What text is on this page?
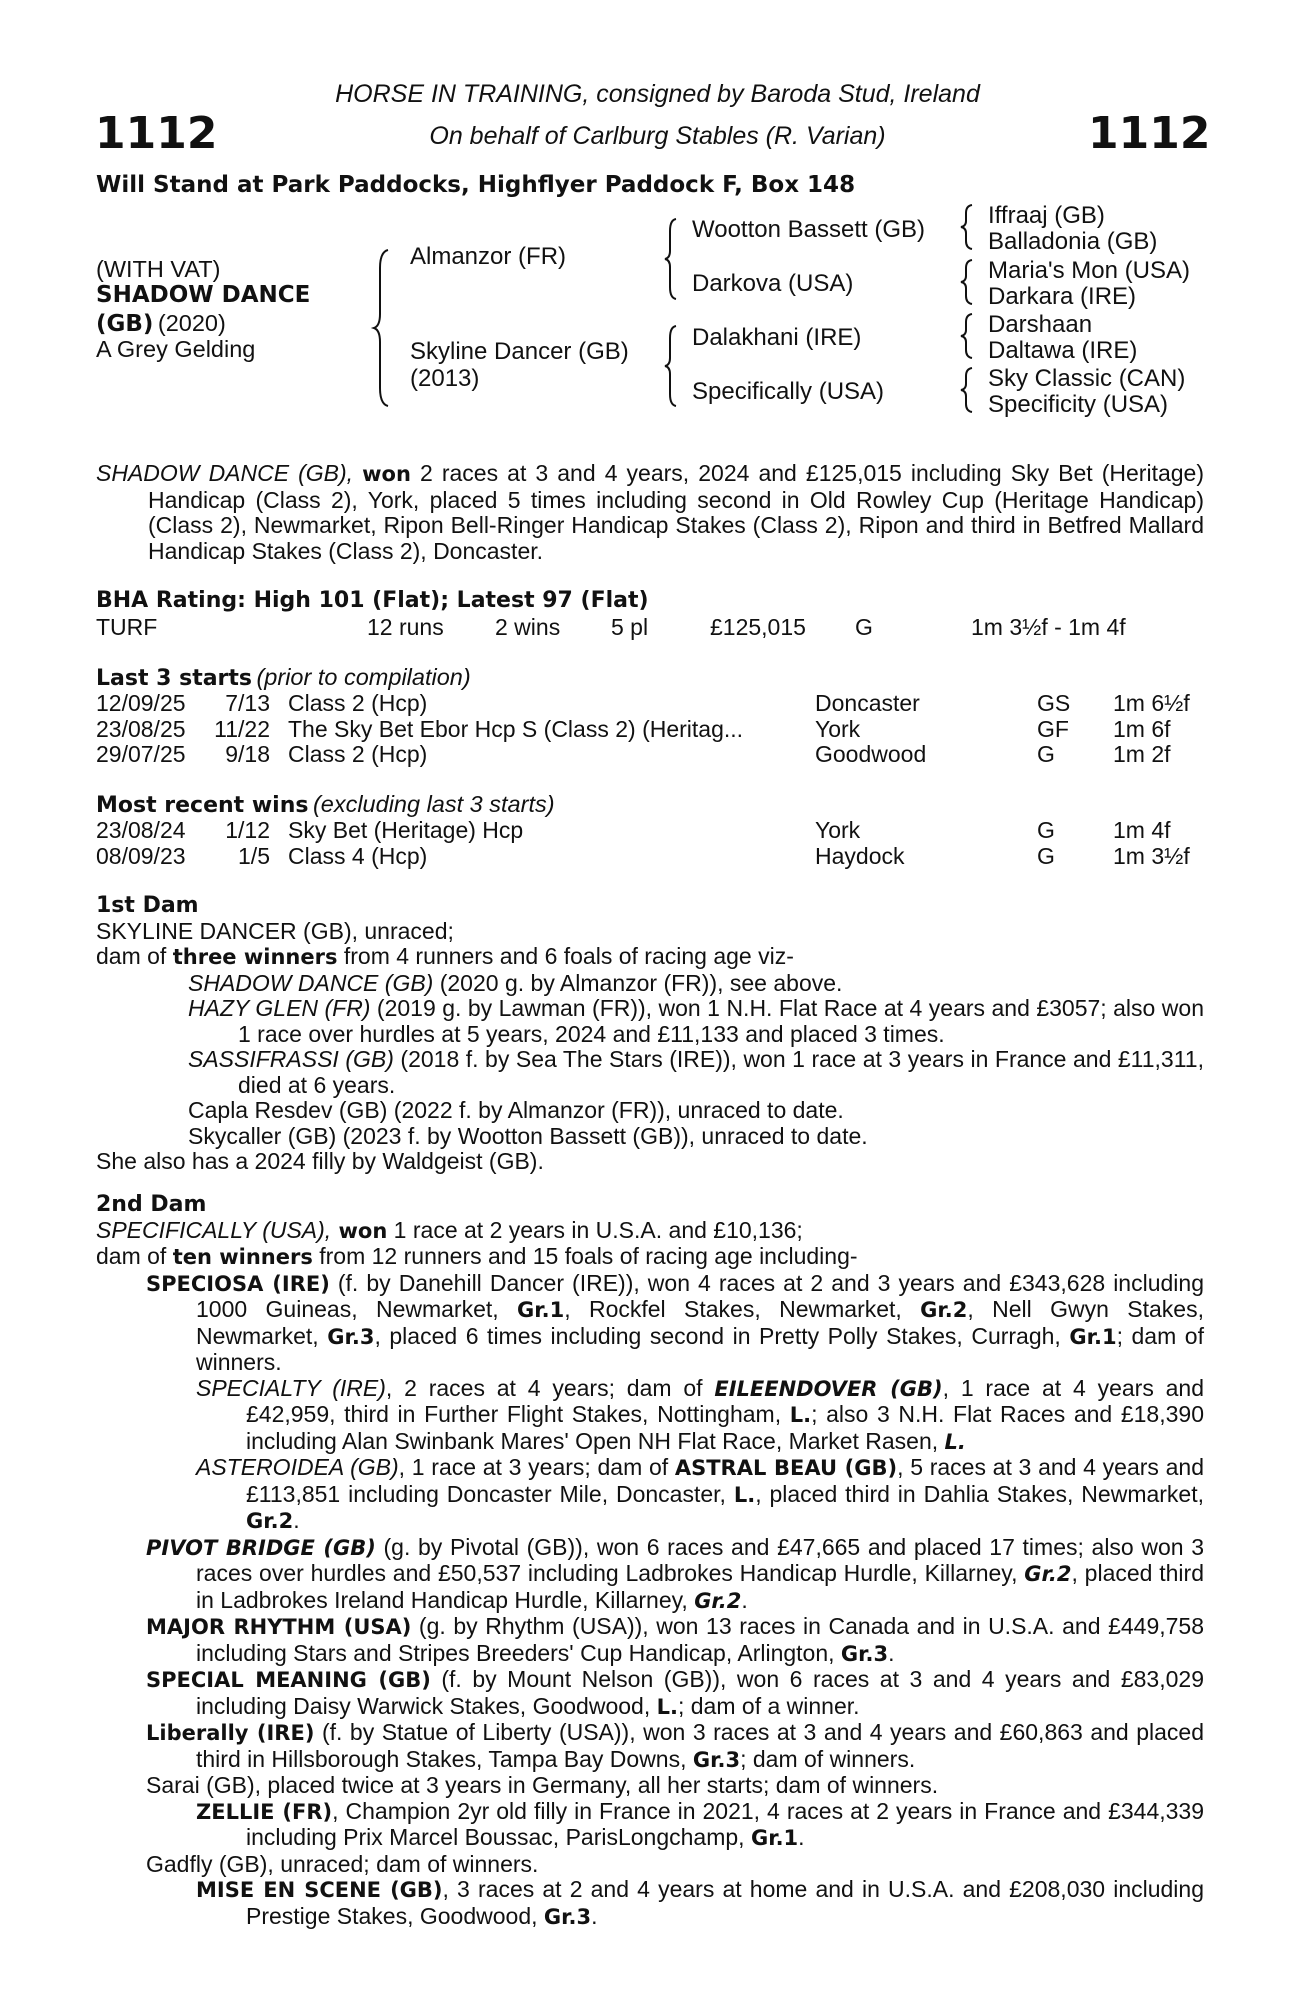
1112	1112
HORSE IN TRAINING, consigned by Baroda Stud, Ireland
On behalf of Carlburg Stables (R. Varian)
Will Stand at Park Paddocks, Highflyer Paddock F, Box 148
(WITH VAT)
SHADOW DANCE
(GB) (2020)
A Grey Gelding
Almanzor (FR)
Skyline Dancer (GB)
(2013)
Wootton Bassett (GB)
Darkova (USA)
Dalakhani (IRE)
Specifically (USA)
Iffraaj (GB)
Balladonia (GB)
Maria's Mon (USA)
Darkara (IRE)
Darshaan
Daltawa (IRE)
Sky Classic (CAN)
Specificity (USA)

SHADOW DANCE (GB), won 2 races at 3 and 4 years, 2024 and £125,015 including Sky Bet (Heritage) Handicap (Class 2), York, placed 5 times including second in Old Rowley Cup (Heritage Handicap) (Class 2), Newmarket, Ripon Bell-Ringer Handicap Stakes (Class 2), Ripon and third in Betfred Mallard Handicap Stakes (Class 2), Doncaster.

BHA Rating: High 101 (Flat); Latest 97 (Flat)
TURF	12 runs 2 wins 5 pl	£125,015 G	1m 3½f - 1m 4f
Last 3 starts (prior to compilation)
12/09/25	7/13 Class 2 (Hcp)	Doncaster	GS 1m 6½f
23/08/25	11/22 The Sky Bet Ebor Hcp S (Class 2) (Heritag...	York	GF 1m 6f
29/07/25	9/18 Class 2 (Hcp)	Goodwood	G	1m 2f
Most recent wins (excluding last 3 starts)
23/08/24	1/12 Sky Bet (Heritage) Hcp	York	G	1m 4f
08/09/23	1/5 Class 4 (Hcp)	Haydock	G	1m 3½f
1st Dam

SKYLINE DANCER (GB), unraced;

dam of three winners from 4 runners and 6 foals of racing age viz-

SHADOW DANCE (GB) (2020 g. by Almanzor (FR)), see above.

HAZY GLEN (FR) (2019 g. by Lawman (FR)), won 1 N.H. Flat Race at 4 years and £3057; also won 1 race over hurdles at 5 years, 2024 and £11,133 and placed 3 times.

SASSIFRASSI (GB) (2018 f. by Sea The Stars (IRE)), won 1 race at 3 years in France and £11,311, died at 6 years.

Capla Resdev (GB) (2022 f. by Almanzor (FR)), unraced to date.

Skycaller (GB) (2023 f. by Wootton Bassett (GB)), unraced to date.

She also has a 2024 filly by Waldgeist (GB).

2nd Dam

SPECIFICALLY (USA), won 1 race at 2 years in U.S.A. and £10,136;

dam of ten winners from 12 runners and 15 foals of racing age including-

SPECIOSA (IRE) (f. by Danehill Dancer (IRE)), won 4 races at 2 and 3 years and £343,628 including 1000 Guineas, Newmarket, Gr.1, Rockfel Stakes, Newmarket, Gr.2, Nell Gwyn Stakes, Newmarket, Gr.3, placed 6 times including second in Pretty Polly Stakes, Curragh, Gr.1; dam of winners.

SPECIALTY (IRE), 2 races at 4 years; dam of EILEENDOVER (GB), 1 race at 4 years and £42,959, third in Further Flight Stakes, Nottingham, L.; also 3 N.H. Flat Races and £18,390 including Alan Swinbank Mares' Open NH Flat Race, Market Rasen, L.

ASTEROIDEA (GB), 1 race at 3 years; dam of ASTRAL BEAU (GB), 5 races at 3 and 4 years and £113,851 including Doncaster Mile, Doncaster, L., placed third in Dahlia Stakes, Newmarket, Gr.2.

PIVOT BRIDGE (GB) (g. by Pivotal (GB)), won 6 races and £47,665 and placed 17 times; also won 3 races over hurdles and £50,537 including Ladbrokes Handicap Hurdle, Killarney, Gr.2, placed third in Ladbrokes Ireland Handicap Hurdle, Killarney, Gr.2.

MAJOR RHYTHM (USA) (g. by Rhythm (USA)), won 13 races in Canada and in U.S.A. and £449,758 including Stars and Stripes Breeders' Cup Handicap, Arlington, Gr.3.

SPECIAL MEANING (GB) (f. by Mount Nelson (GB)), won 6 races at 3 and 4 years and £83,029 including Daisy Warwick Stakes, Goodwood, L.; dam of a winner.

Liberally (IRE) (f. by Statue of Liberty (USA)), won 3 races at 3 and 4 years and £60,863 and placed third in Hillsborough Stakes, Tampa Bay Downs, Gr.3; dam of winners.

Sarai (GB), placed twice at 3 years in Germany, all her starts; dam of winners.

ZELLIE (FR), Champion 2yr old filly in France in 2021, 4 races at 2 years in France and £344,339 including Prix Marcel Boussac, ParisLongchamp, Gr.1.

Gadfly (GB), unraced; dam of winners.

MISE EN SCENE (GB), 3 races at 2 and 4 years at home and in U.S.A. and £208,030 including Prestige Stakes, Goodwood, Gr.3.
